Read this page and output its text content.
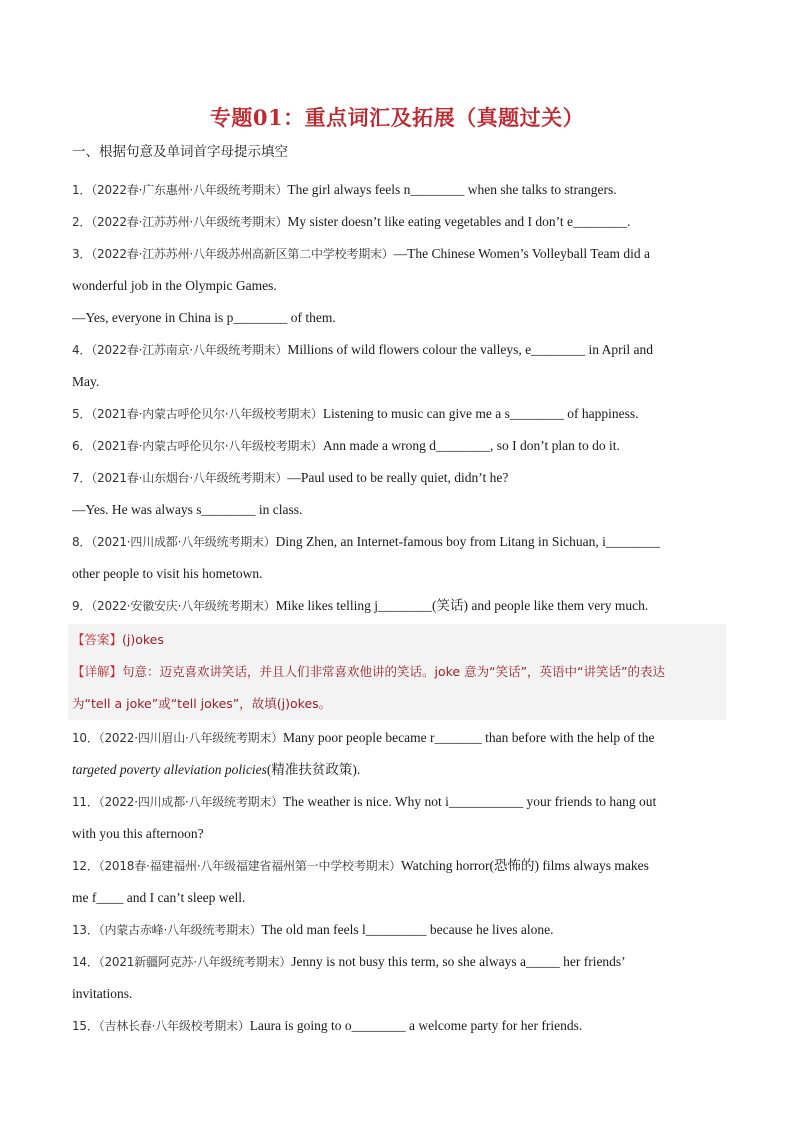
专题01：重点词汇及拓展（真题过关）
一、根据句意及单词首字母提示填空
1．（2022春·广东惠州·八年级统考期末）The girl always feels n________ when she talks to strangers.
2．（2022春·江苏苏州·八年级统考期末）My sister doesn’t like eating vegetables and I don’t e________.
3．（2022春·江苏苏州·八年级苏州高新区第二中学校考期末）—The Chinese Women’s Volleyball Team did a
wonderful job in the Olympic Games.
—Yes, everyone in China is p________ of them.
4．（2022春·江苏南京·八年级统考期末）Millions of wild flowers colour the valleys, e________ in April and
May.
5．（2021春·内蒙古呼伦贝尔·八年级校考期末）Listening to music can give me a s________ of happiness.
6．（2021春·内蒙古呼伦贝尔·八年级校考期末）Ann made a wrong d________, so I don’t plan to do it.
7．（2021春·山东烟台·八年级统考期末）—Paul used to be really quiet, didn’t he?
—Yes. He was always s________ in class.
8．（2021·四川成都·八年级统考期末）Ding Zhen, an Internet-famous boy from Litang in Sichuan, i________
other people to visit his hometown.
9．（2022·安徽安庆·八年级统考期末）Mike likes telling j________(笑话) and people like them very much.
【答案】(j)okes
【详解】句意：迈克喜欢讲笑话，并且人们非常喜欢他讲的笑话。joke 意为“笑话”，英语中“讲笑话”的表达
为“tell a joke”或“tell jokes”，故填(j)okes。
10．（2022·四川眉山·八年级统考期末）Many poor people became r_______ than before with the help of the
targeted poverty alleviation policies(精准扶贫政策).
11．（2022·四川成都·八年级统考期末）The weather is nice. Why not i___________ your friends to hang out
with you this afternoon?
12．（2018春·福建福州·八年级福建省福州第一中学校考期末）Watching horror(恐怖的) films always makes
me f____ and I can’t sleep well.
13．（内蒙古赤峰·八年级统考期末）The old man feels l_________ because he lives alone.
14．（2021新疆阿克苏·八年级统考期末）Jenny is not busy this term, so she always a_____ her friends’
invitations.
15．（吉林长春·八年级校考期末）Laura is going to o________ a welcome party for her friends.
